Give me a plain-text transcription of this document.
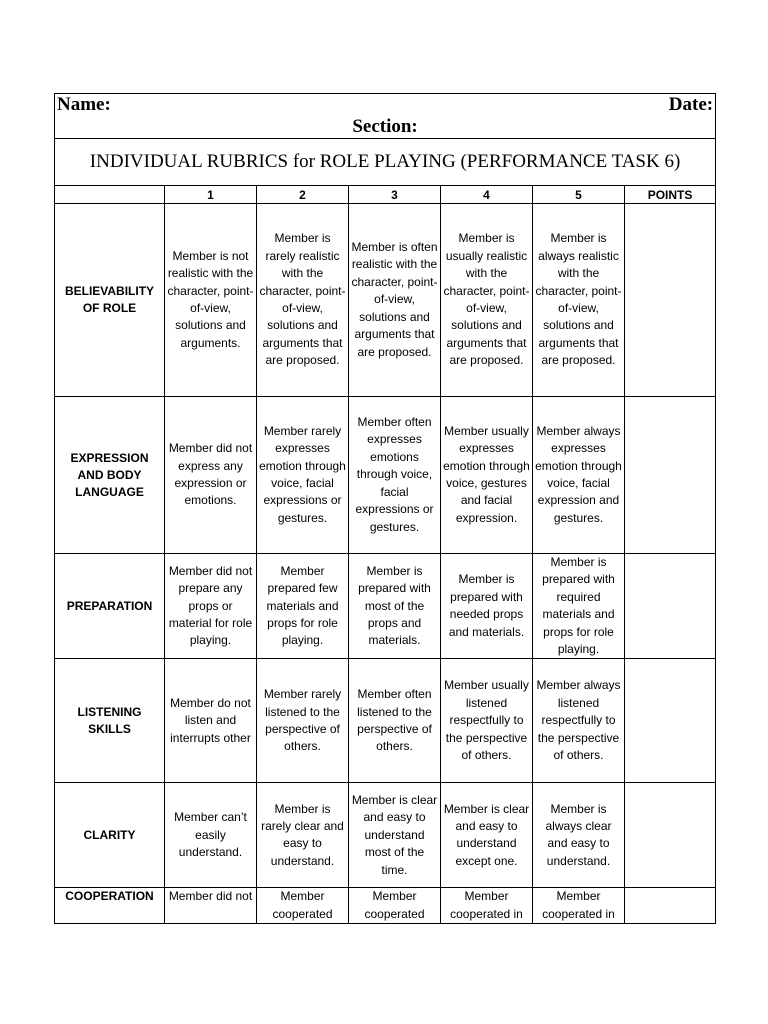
Name: Date:
Section:						

INDIVIDUAL RUBRICS for ROLE PLAYING (PERFORMANCE TASK 6)						
	1	2	3	4	5	POINTS
BELIEVABILITY OF ROLE	Member is not realistic with the character, point-of-view, solutions and arguments.	Member is rarely realistic with the character, point-of-view, solutions and arguments that are proposed.	Member is often realistic with the character, point-of-view, solutions and arguments that are proposed.	Member is usually realistic with the character, point-of-view, solutions and arguments that are proposed.	Member is always realistic with the character, point-of-view, solutions and arguments that are proposed.	
EXPRESSION AND BODY LANGUAGE	Member did not express any expression or emotions.	Member rarely expresses emotion through voice, facial expressions or gestures.	Member often expresses emotions through voice, facial expressions or gestures.	Member usually expresses emotion through voice, gestures and facial expression.	Member always expresses emotion through voice, facial expression and gestures.	
PREPARATION	Member did not prepare any props or material for role playing.	Member prepared few materials and props for role playing.	Member is prepared with most of the props and materials.	Member is prepared with needed props and materials.	Member is prepared with required materials and props for role playing.	
LISTENING SKILLS	Member do not listen and interrupts other	Member rarely listened to the perspective of others.	Member often listened to the perspective of others.	Member usually listened respectfully to the perspective of others.	Member always listened respectfully to the perspective of others.	
CLARITY	Member can’t easily understand.	Member is rarely clear and easy to understand.	Member is clear and easy to understand most of the time.	Member is clear and easy to understand except one.	Member is always clear and easy to understand.	
COOPERATION	Member did not	Member cooperated	Member cooperated	Member cooperated in	Member cooperated in	
